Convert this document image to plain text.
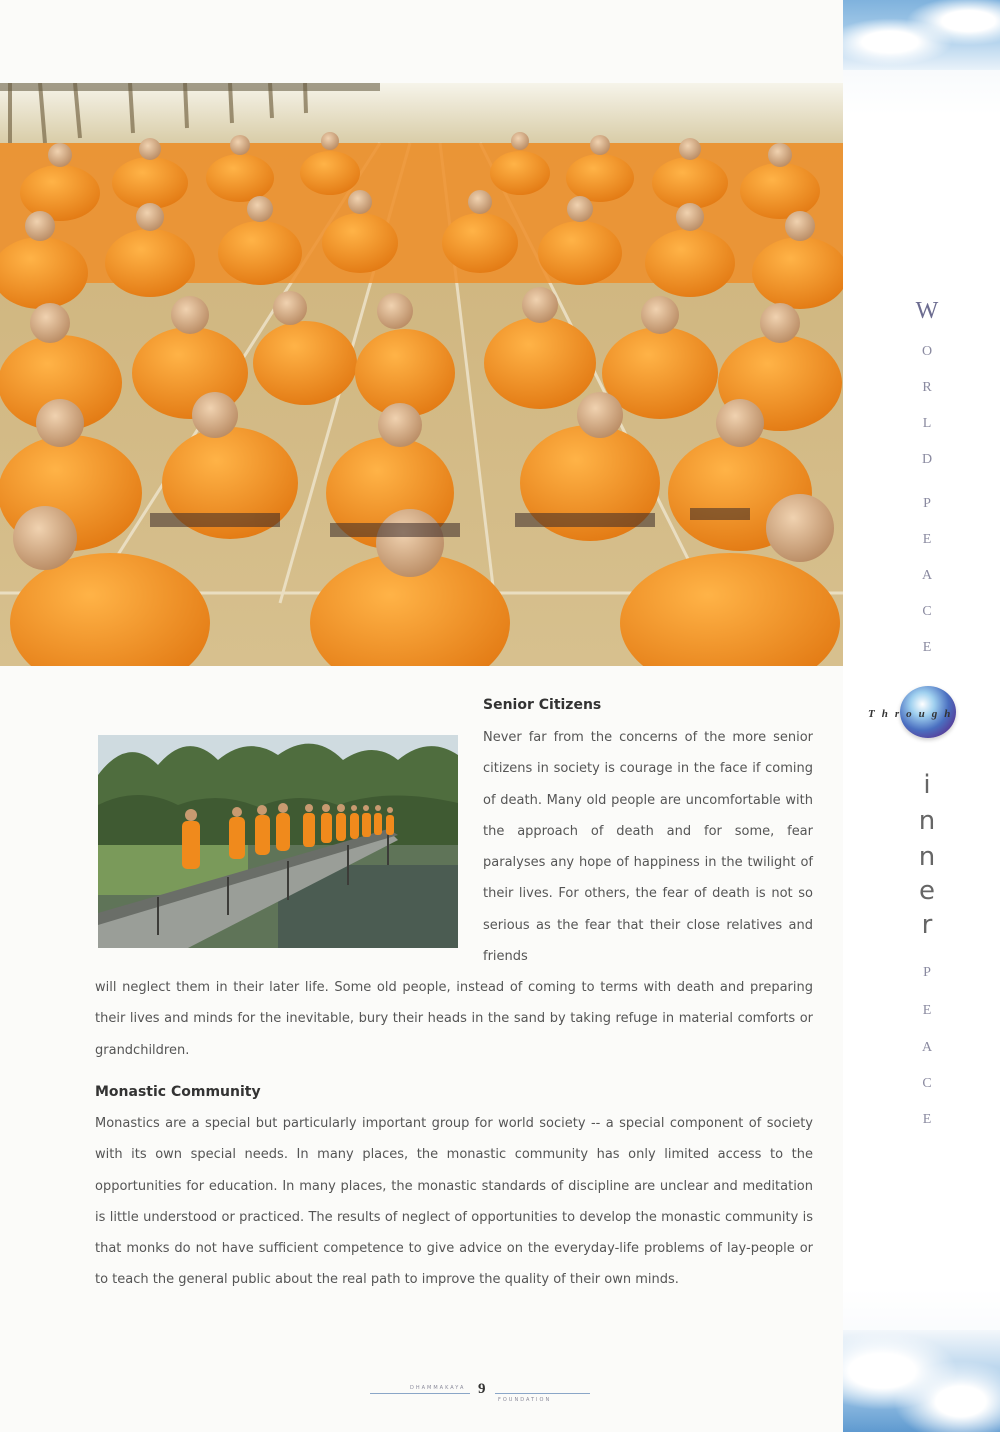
W
O
R
L
D
P
E
A
C
E
Through
i
n
n
e
r
P
E
A
C
E
Senior Citizens

Never far from the concerns of the more senior citizens in society is courage in the face if coming of death. Many old people are uncomfortable with the approach of death and for some, fear paralyses any hope of happiness in the twilight of their lives. For others, the fear of death is not so serious as the fear that their close relatives and friends

will neglect them in their later life. Some old people, instead of coming to terms with death and preparing their lives and minds for the inevitable, bury their heads in the sand by taking refuge in material comforts or grandchildren.

Monastic Community

Monastics are a special but particularly important group for world society -- a special component of society with its own special needs. In many places, the monastic community has only limited access to the opportunities for education. In many places, the monastic standards of discipline are unclear and meditation is little understood or practiced. The results of neglect of opportunities to develop the monastic community is that monks do not have sufficient competence to give advice on the everyday-life problems of lay-people or to teach the general public about the real path to improve the quality of their own minds.

DHAMMAKAYA 9
FOUNDATION
